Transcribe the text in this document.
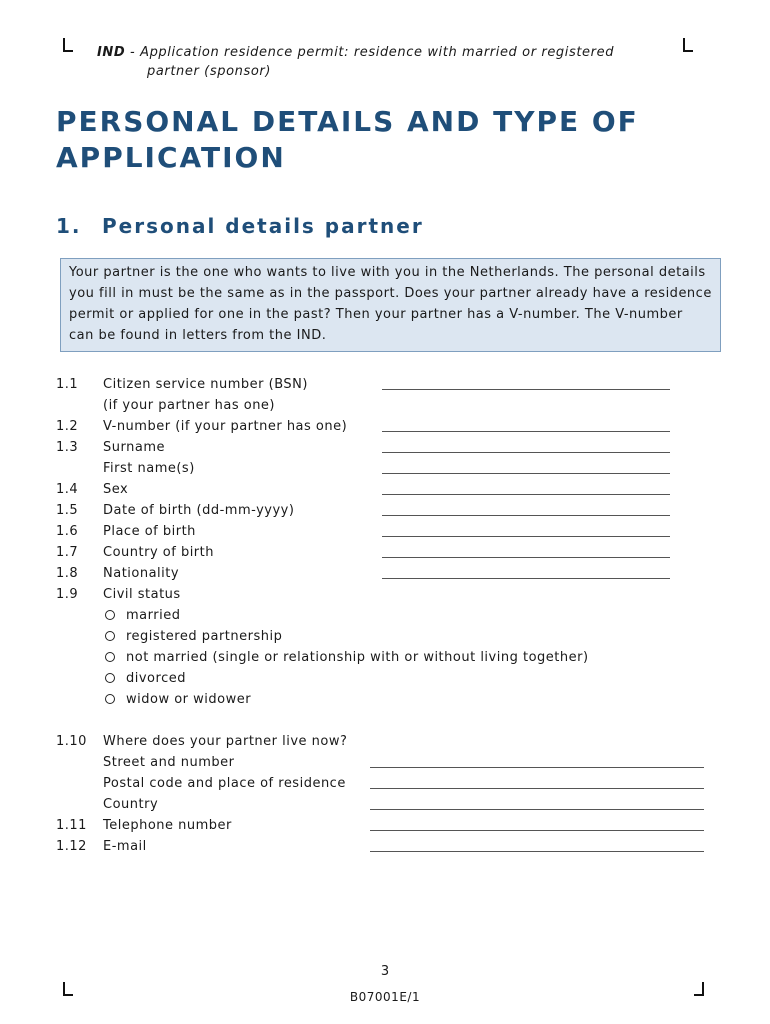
IND - Application residence permit: residence with married or registered
partner (sponsor)
PERSONAL DETAILS AND TYPE OF
APPLICATION
1. Personal details partner
Your partner is the one who wants to live with you in the Netherlands. The personal details you fill in must be the same as in the passport. Does your partner already have a residence permit or applied for one in the past? Then your partner has a V-number. The V-number can be found in letters from the IND.
1.1 Citizen service number (BSN)
(if your partner has one)
1.2 V-number (if your partner has one)
1.3 Surname
First name(s)
1.4 Sex
1.5 Date of birth (dd-mm-yyyy)
1.6 Place of birth
1.7 Country of birth
1.8 Nationality
1.9 Civil status
married
registered partnership
not married (single or relationship with or without living together)
divorced
widow or widower
1.10 Where does your partner live now?
Street and number
Postal code and place of residence
Country
1.11 Telephone number
1.12 E-mail
3
B07001E/1
